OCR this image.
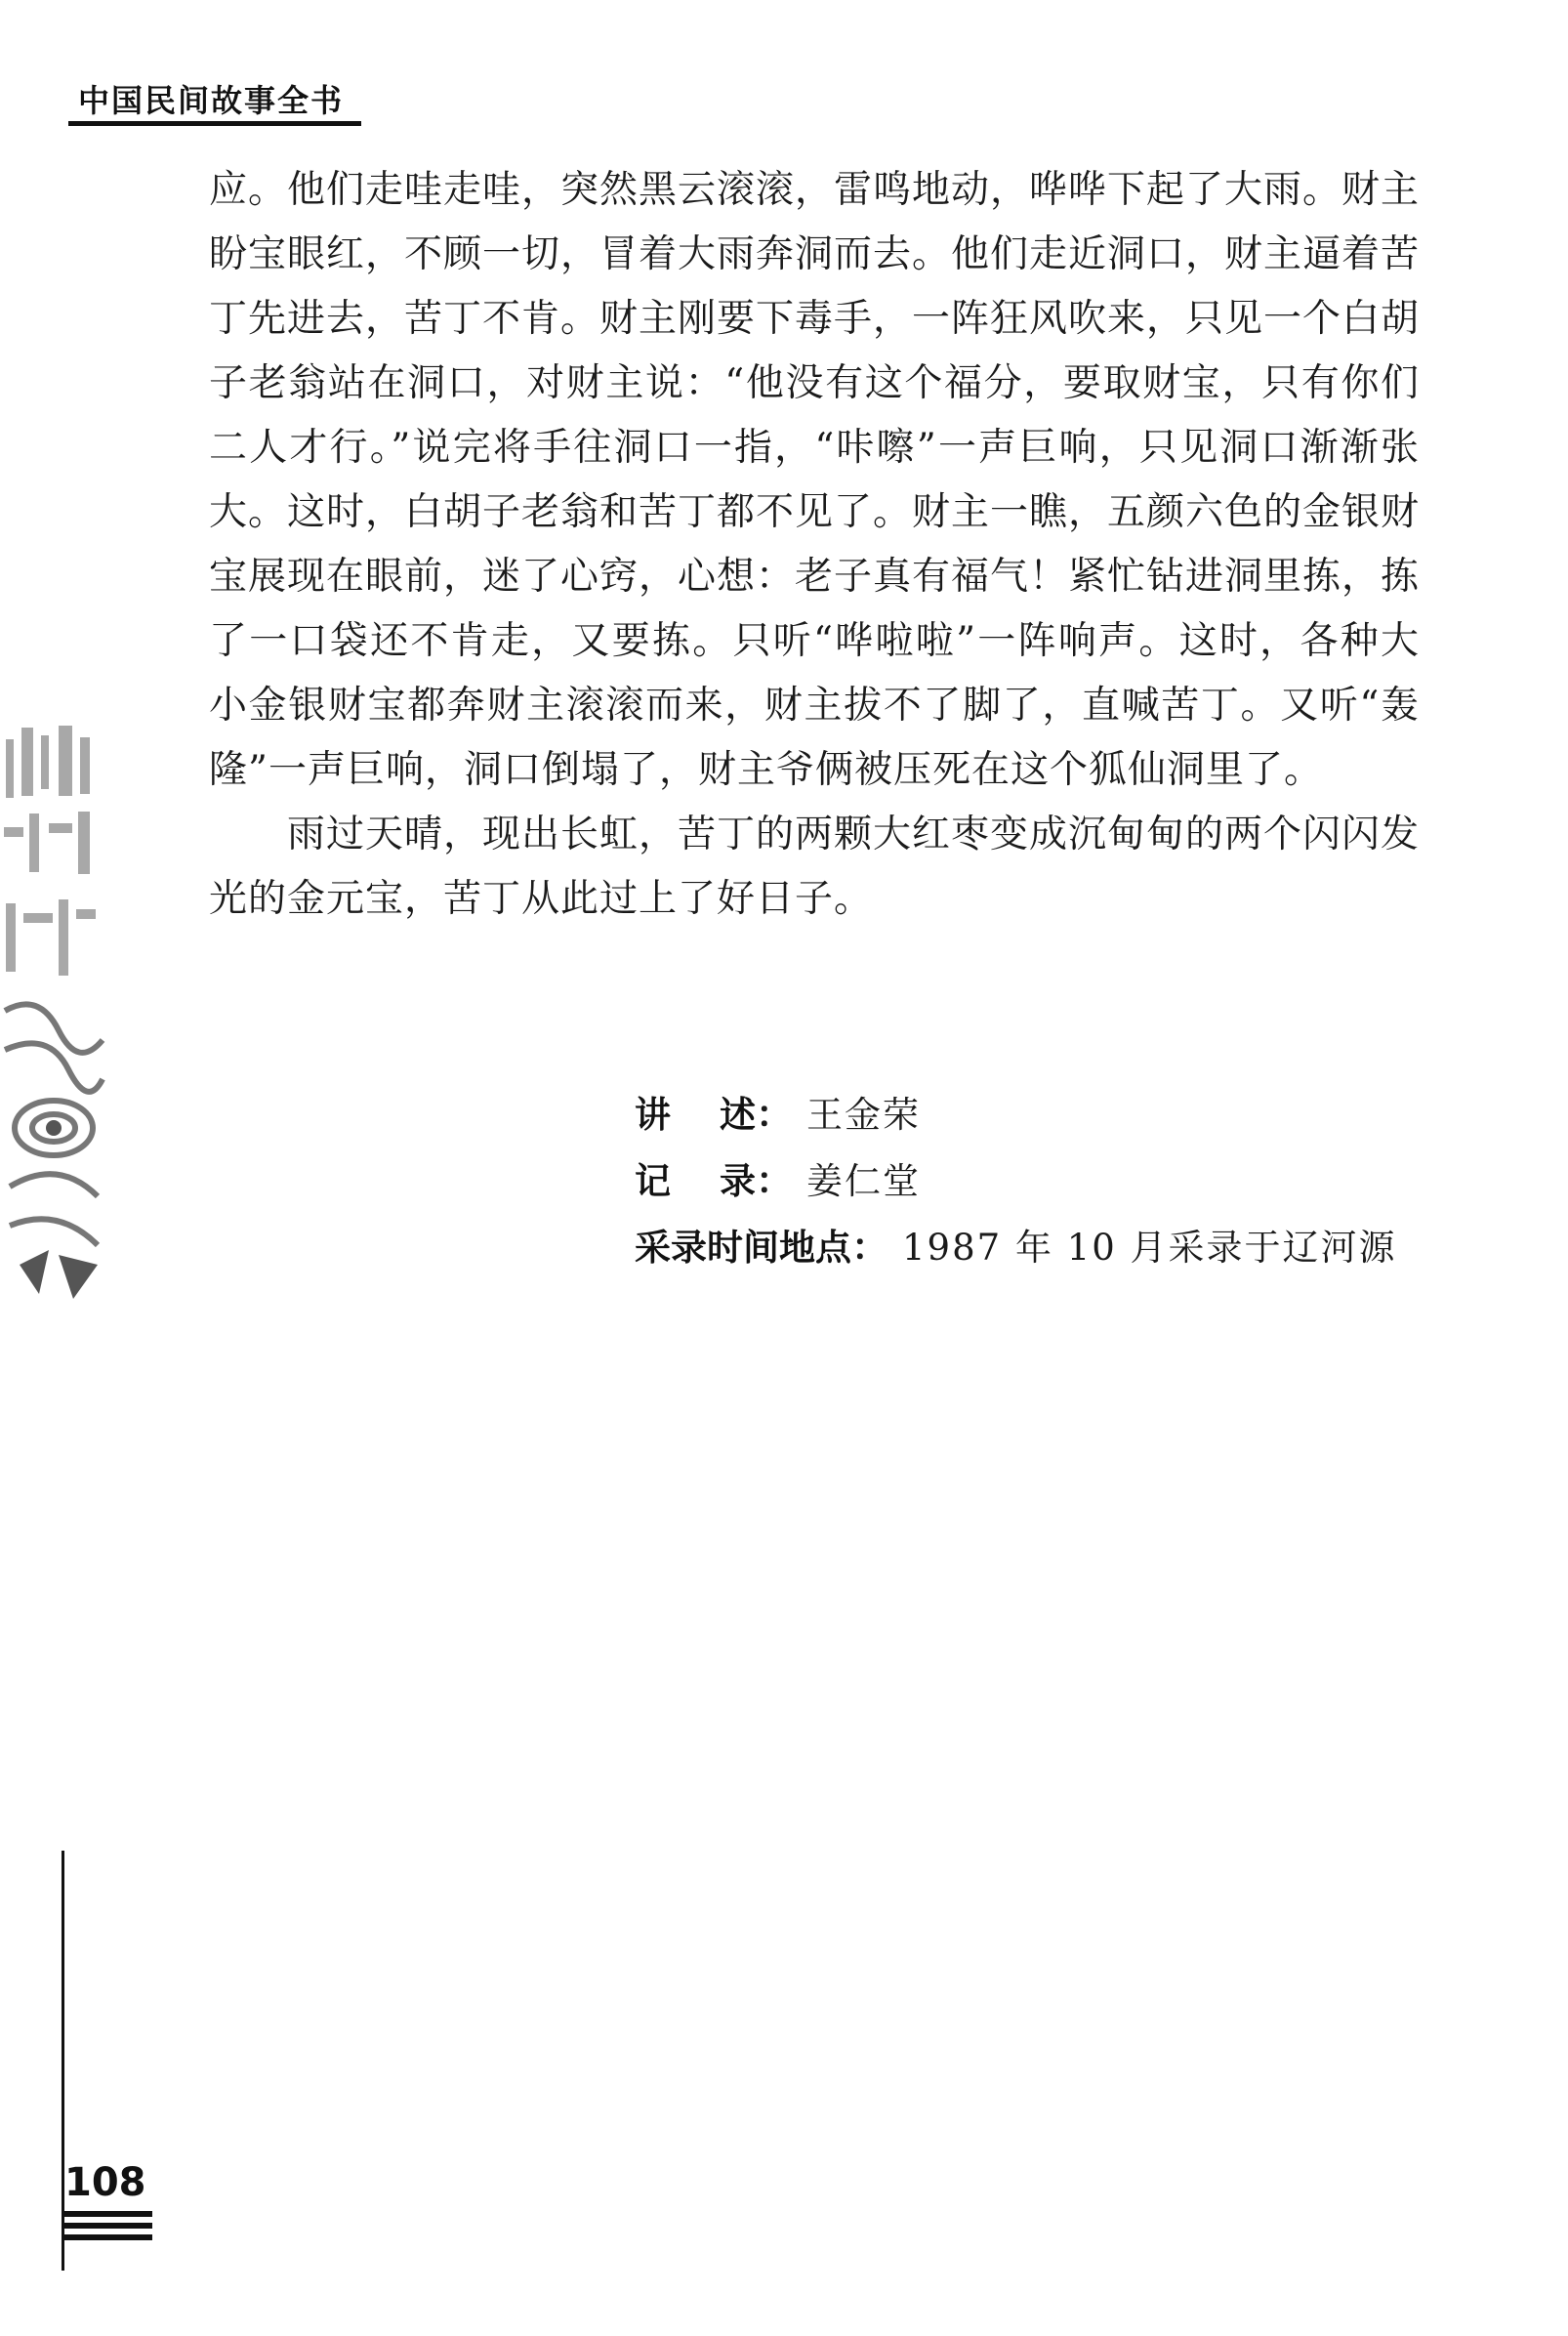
中国民间故事全书

应。他们走哇走哇，突然黑云滚滚，雷鸣地动，哗哗下起了大雨。财主盼宝眼红，不顾一切，冒着大雨奔洞而去。他们走近洞口，财主逼着苦丁先进去，苦丁不肯。财主刚要下毒手，一阵狂风吹来，只见一个白胡子老翁站在洞口，对财主说：“他没有这个福分，要取财宝，只有你们二人才行。”说完将手往洞口一指，“咔嚓”一声巨响，只见洞口渐渐张大。这时，白胡子老翁和苦丁都不见了。财主一瞧，五颜六色的金银财宝展现在眼前，迷了心窍，心想：老子真有福气！紧忙钻进洞里拣，拣了一口袋还不肯走，又要拣。只听“哗啦啦”一阵响声。这时，各种大小金银财宝都奔财主滚滚而来，财主拔不了脚了，直喊苦丁。又听“轰隆”一声巨响，洞口倒塌了，财主爷俩被压死在这个狐仙洞里了。

雨过天晴，现出长虹，苦丁的两颗大红枣变成沉甸甸的两个闪闪发光的金元宝，苦丁从此过上了好日子。

讲述 ： 王金荣
记录 ： 姜仁堂
采录时间地点 ： 1987 年 10 月采录于辽河源
108
